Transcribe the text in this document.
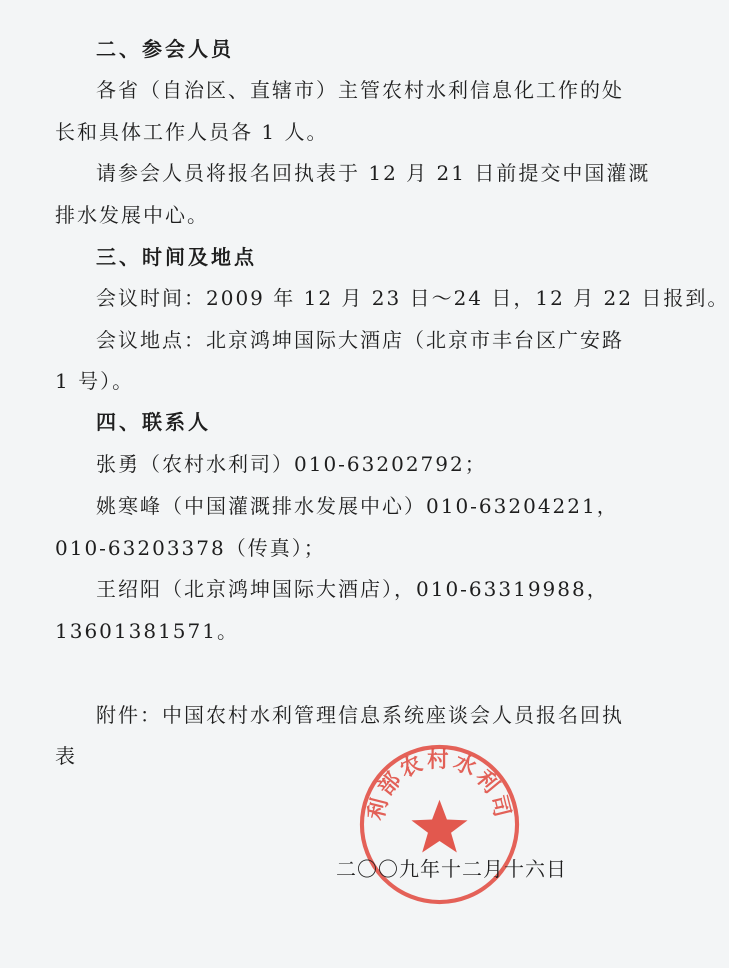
二、参会人员
各省（自治区、直辖市）主管农村水利信息化工作的处
长和具体工作人员各 1 人。
请参会人员将报名回执表于 12 月 21 日前提交中国灌溉
排水发展中心。
三、时间及地点
会议时间：2009 年 12 月 23 日～24 日，12 月 22 日报到。
会议地点：北京鸿坤国际大酒店（北京市丰台区广安路
1 号）。
四、联系人
张勇（农村水利司）010-63202792；
姚寒峰（中国灌溉排水发展中心）010-63204221，
010-63203378（传真）；
王绍阳（北京鸿坤国际大酒店），010-63319988，
13601381571。
附件：中国农村水利管理信息系统座谈会人员报名回执
表
利部农村水利司
二〇〇九年十二月十六日
